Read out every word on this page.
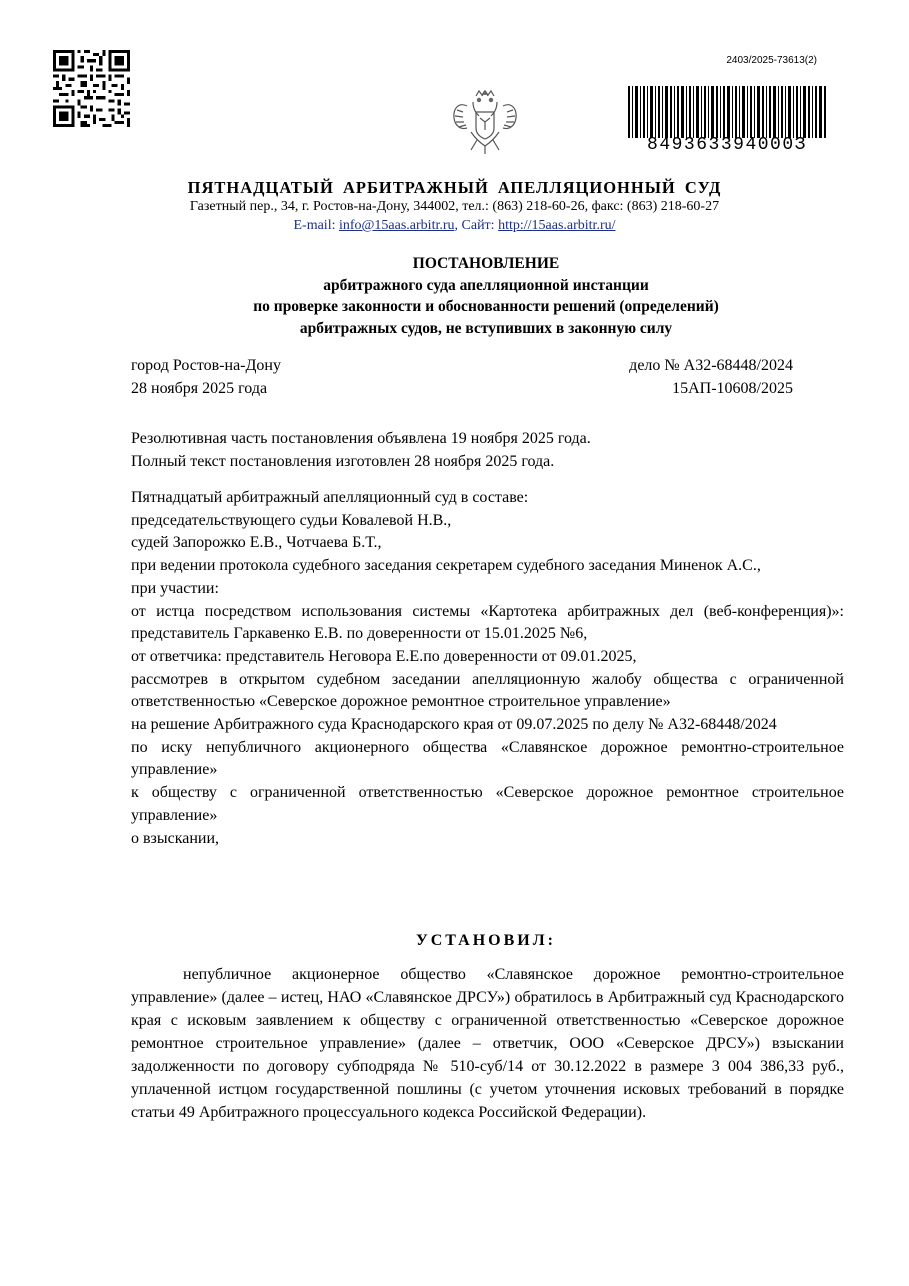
2403/2025-73613(2)
849363394000З
ПЯТНАДЦАТЫЙ АРБИТРАЖНЫЙ АПЕЛЛЯЦИОННЫЙ СУД
Газетный пер., 34, г. Ростов-на-Дону, 344002, тел.: (863) 218-60-26, факс: (863) 218-60-27
E-mail: info@15aas.arbitr.ru, Сайт: http://15aas.arbitr.ru/
ПОСТАНОВЛЕНИЕ
арбитражного суда апелляционной инстанции
по проверке законности и обоснованности решений (определений)
арбитражных судов, не вступивших в законную силу
город Ростов-на-Дону	дело № А32-68448/2024
28 ноября 2025 года	15АП-10608/2025
Резолютивная часть постановления объявлена 19 ноября 2025 года.
Полный текст постановления изготовлен 28 ноября 2025 года.

Пятнадцатый арбитражный апелляционный суд в составе:

председательствующего судьи Ковалевой Н.В.,

судей Запорожко Е.В., Чотчаева Б.Т.,

при ведении протокола судебного заседания секретарем судебного заседания Миненок А.С.,

при участии:

от истца посредством использования системы «Картотека арбитражных дел (веб-конференция)»: представитель Гаркавенко Е.В. по доверенности от 15.01.2025 №6,

от ответчика: представитель Неговора Е.Е.по доверенности от 09.01.2025,

рассмотрев в открытом судебном заседании апелляционную жалобу общества с ограниченной ответственностью «Северское дорожное ремонтное строительное управление»

на решение Арбитражного суда Краснодарского края от 09.07.2025 по делу № А32-68448/2024

по иску непубличного акционерного общества «Славянское дорожное ремонтно-строительное управление»

к обществу с ограниченной ответственностью «Северское дорожное ремонтное строительное управление»

о взыскании,

УСТАНОВИЛ:

непубличное акционерное общество «Славянское дорожное ремонтно-строительное управление» (далее – истец, НАО «Славянское ДРСУ») обратилось в Арбитражный суд Краснодарского края с исковым заявлением к обществу с ограниченной ответственностью «Северское дорожное ремонтное строительное управление» (далее – ответчик, ООО «Северское ДРСУ») взыскании задолженности по договору субподряда № 510-суб/14 от 30.12.2022 в размере 3 004 386,33 руб., уплаченной истцом государственной пошлины (с учетом уточнения исковых требований в порядке статьи 49 Арбитражного процессуального кодекса Российской Федерации).
